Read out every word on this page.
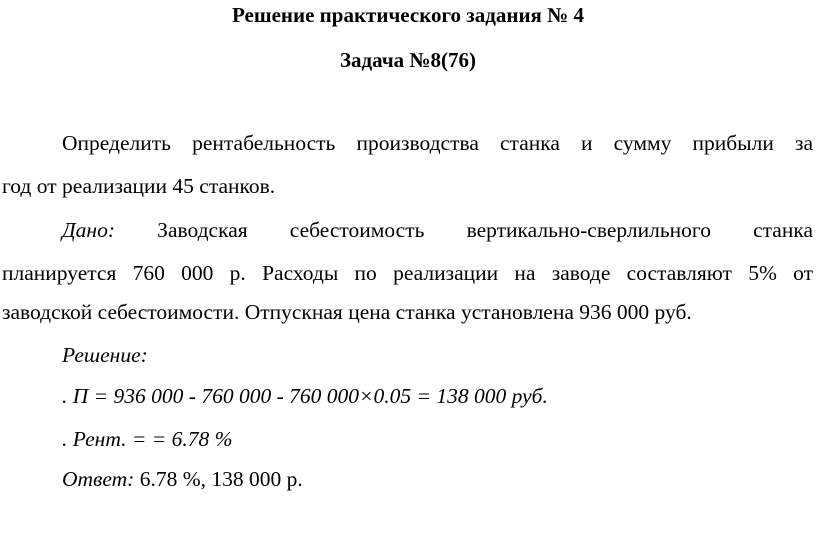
Решение практического задания № 4
Задача №8(76)
Определить рентабельность производства станка и сумму прибыли за
год от реализации 45 станков.
Дано: Заводская себестоимость вертикально-сверлильного станка
планируется 760 000 р. Расходы по реализации на заводе составляют 5% от
заводской себестоимости. Отпускная цена станка установлена 936 000 руб.
Решение:
. П = 936 000 - 760 000 - 760 000×0.05 = 138 000 руб.
. Рент. = = 6.78 %
Ответ: 6.78 %, 138 000 р.
